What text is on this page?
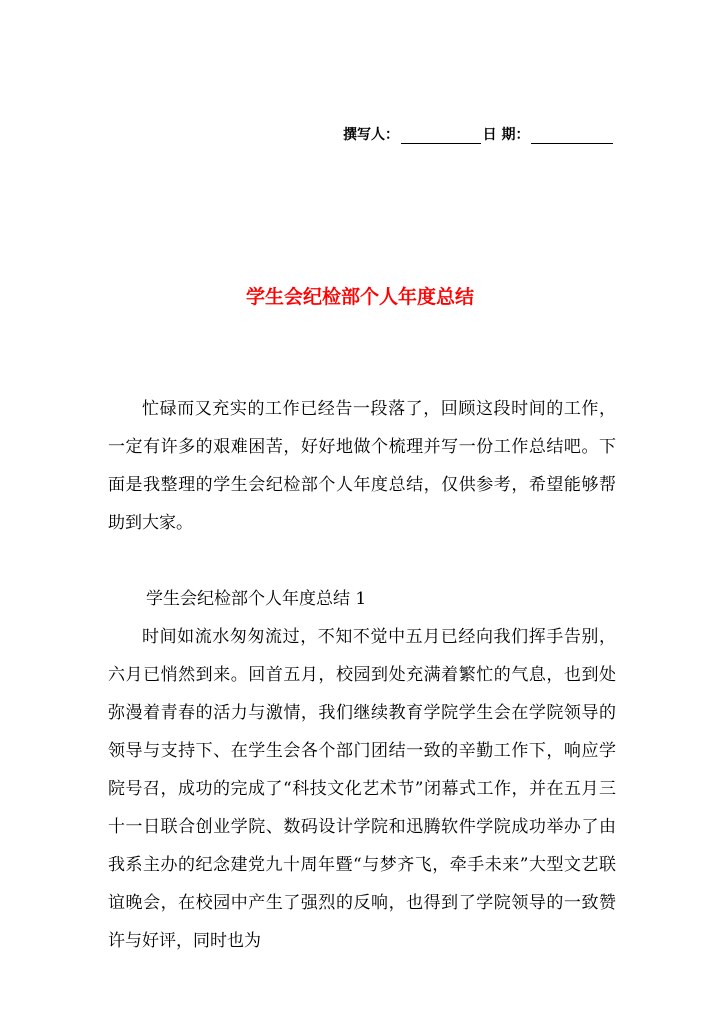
撰写人：	日 期：
学生会纪检部个人年度总结

忙碌而又充实的工作已经告一段落了，回顾这段时间的工作，一定有许多的艰难困苦，好好地做个梳理并写一份工作总结吧。下面是我整理的学生会纪检部个人年度总结，仅供参考，希望能够帮助到大家。

学生会纪检部个人年度总结 1

时间如流水匆匆流过，不知不觉中五月已经向我们挥手告别，六月已悄然到来。回首五月，校园到处充满着繁忙的气息，也到处弥漫着青春的活力与激情，我们继续教育学院学生会在学院领导的领导与支持下、在学生会各个部门团结一致的辛勤工作下，响应学院号召，成功的完成了“科技文化艺术节”闭幕式工作，并在五月三十一日联合创业学院、数码设计学院和迅腾软件学院成功举办了由我系主办的纪念建党九十周年暨“与梦齐飞，牵手未来”大型文艺联谊晚会，在校园中产生了强烈的反响，也得到了学院领导的一致赞许与好评，同时也为
